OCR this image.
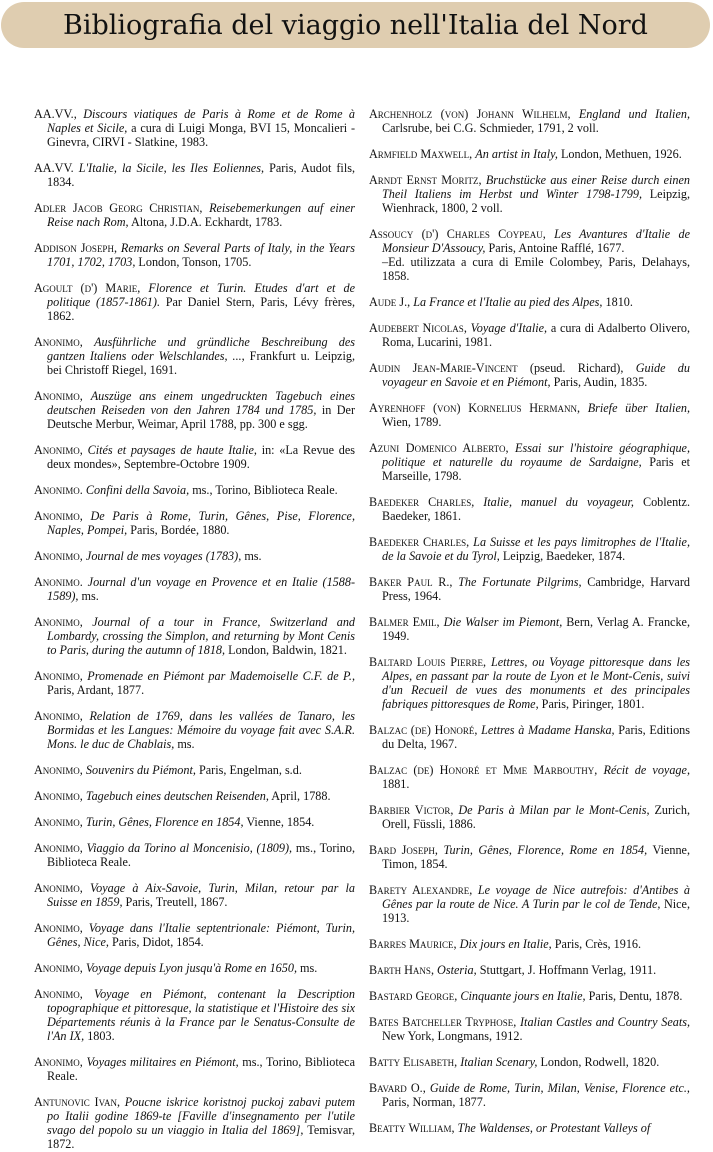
Bibliografia del viaggio nell'Italia del Nord

AA.VV., Discours viatiques de Paris à Rome et de Rome à Naples et Sicile, a cura di Luigi Monga, BVI 15, Moncalieri - Ginevra, CIRVI - Slatkine, 1983.

AA.VV. L'Italie, la Sicile, les Iles Eoliennes, Paris, Audot fils, 1834.

Adler Jacob Georg Christian, Reisebemerkungen auf einer Reise nach Rom, Altona, J.D.A. Eckhardt, 1783.

Addison Joseph, Remarks on Several Parts of Italy, in the Years 1701, 1702, 1703, London, Tonson, 1705.

Agoult (d') Marie, Florence et Turin. Etudes d'art et de politique (1857-1861). Par Daniel Stern, Paris, Lévy frères, 1862.

Anonimo, Ausführliche und gründliche Beschreibung des gantzen Italiens oder Welschlandes, ..., Frankfurt u. Leipzig, bei Christoff Riegel, 1691.

Anonimo, Auszüge ans einem ungedruckten Tagebuch eines deutschen Reiseden von den Jahren 1784 und 1785, in Der Deutsche Merbur, Weimar, April 1788, pp. 300 e sgg.

Anonimo, Cités et paysages de haute Italie, in: «La Revue des deux mondes», Septembre-Octobre 1909.

Anonimo. Confini della Savoia, ms., Torino, Biblioteca Reale.

Anonimo, De Paris à Rome, Turin, Gênes, Pise, Florence, Naples, Pompei, Paris, Bordée, 1880.

Anonimo, Journal de mes voyages (1783), ms.

Anonimo. Journal d'un voyage en Provence et en Italie (1588-1589), ms.

Anonimo, Journal of a tour in France, Switzerland and Lombardy, crossing the Simplon, and returning by Mont Cenis to Paris, during the autumn of 1818, London, Baldwin, 1821.

Anonimo, Promenade en Piémont par Mademoiselle C.F. de P., Paris, Ardant, 1877.

Anonimo, Relation de 1769, dans les vallées de Tanaro, les Bormidas et les Langues: Mémoire du voyage fait avec S.A.R. Mons. le duc de Chablais, ms.

Anonimo, Souvenirs du Piémont, Paris, Engelman, s.d.

Anonimo, Tagebuch eines deutschen Reisenden, April, 1788.

Anonimo, Turin, Gênes, Florence en 1854, Vienne, 1854.

Anonimo, Viaggio da Torino al Moncenisio, (1809), ms., Torino, Biblioteca Reale.

Anonimo, Voyage à Aix-Savoie, Turin, Milan, retour par la Suisse en 1859, Paris, Treutell, 1867.

Anonimo, Voyage dans l'Italie septentrionale: Piémont, Turin, Gênes, Nice, Paris, Didot, 1854.

Anonimo, Voyage depuis Lyon jusqu'à Rome en 1650, ms.

Anonimo, Voyage en Piémont, contenant la Description topographique et pittoresque, la statistique et l'Histoire des six Départements réunis à la France par le Senatus-Consulte de l'An IX, 1803.

Anonimo, Voyages militaires en Piémont, ms., Torino, Biblioteca Reale.

Antunovic Ivan, Poucne iskrice koristnoj puckoj zabavi putem po Italii godine 1869-te [Faville d'insegnamento per l'utile svago del popolo su un viaggio in Italia del 1869], Temisvar, 1872.

Archenholz (von) Johann Wilhelm, England und Italien, Carlsrube, bei C.G. Schmieder, 1791, 2 voll.

Armfield Maxwell, An artist in Italy, London, Methuen, 1926.

Arndt Ernst Moritz, Bruchstücke aus einer Reise durch einen Theil Italiens im Herbst und Winter 1798-1799, Leipzig, Wienhrack, 1800, 2 voll.

Assoucy (d') Charles Coypeau, Les Avantures d'Italie de Monsieur D'Assoucy, Paris, Antoine Rafflé, 1677.
–Ed. utilizzata a cura di Emile Colombey, Paris, Delahays, 1858.

Aude J., La France et l'Italie au pied des Alpes, 1810.

Audebert Nicolas, Voyage d'Italie, a cura di Adalberto Olivero, Roma, Lucarini, 1981.

Audin Jean-Marie-Vincent (pseud. Richard), Guide du voyageur en Savoie et en Piémont, Paris, Audin, 1835.

Ayrenhoff (von) Kornelius Hermann, Briefe über Italien, Wien, 1789.

Azuni Domenico Alberto, Essai sur l'histoire géographique, politique et naturelle du royaume de Sardaigne, Paris et Marseille, 1798.

Baedeker Charles, Italie, manuel du voyageur, Coblentz. Baedeker, 1861.

Baedeker Charles, La Suisse et les pays limitrophes de l'Italie, de la Savoie et du Tyrol, Leipzig, Baedeker, 1874.

Baker Paul R., The Fortunate Pilgrims, Cambridge, Harvard Press, 1964.

Balmer Emil, Die Walser im Piemont, Bern, Verlag A. Francke, 1949.

Baltard Louis Pierre, Lettres, ou Voyage pittoresque dans les Alpes, en passant par la route de Lyon et le Mont-Cenis, suivi d'un Recueil de vues des monuments et des principales fabriques pittoresques de Rome, Paris, Piringer, 1801.

Balzac (de) Honoré, Lettres à Madame Hanska, Paris, Editions du Delta, 1967.

Balzac (de) Honoré et Mme Marbouthy, Récit de voyage, 1881.

Barbier Victor, De Paris à Milan par le Mont-Cenis, Zurich, Orell, Füssli, 1886.

Bard Joseph, Turin, Gênes, Florence, Rome en 1854, Vienne, Timon, 1854.

Barety Alexandre, Le voyage de Nice autrefois: d'Antibes à Gênes par la route de Nice. A Turin par le col de Tende, Nice, 1913.

Barres Maurice, Dix jours en Italie, Paris, Crès, 1916.

Barth Hans, Osteria, Stuttgart, J. Hoffmann Verlag, 1911.

Bastard George, Cinquante jours en Italie, Paris, Dentu, 1878.

Bates Batcheller Tryphose, Italian Castles and Country Seats, New York, Longmans, 1912.

Batty Elisabeth, Italian Scenary, London, Rodwell, 1820.

Bavard O., Guide de Rome, Turin, Milan, Venise, Florence etc., Paris, Norman, 1877.

Beatty William, The Waldenses, or Protestant Valleys of
